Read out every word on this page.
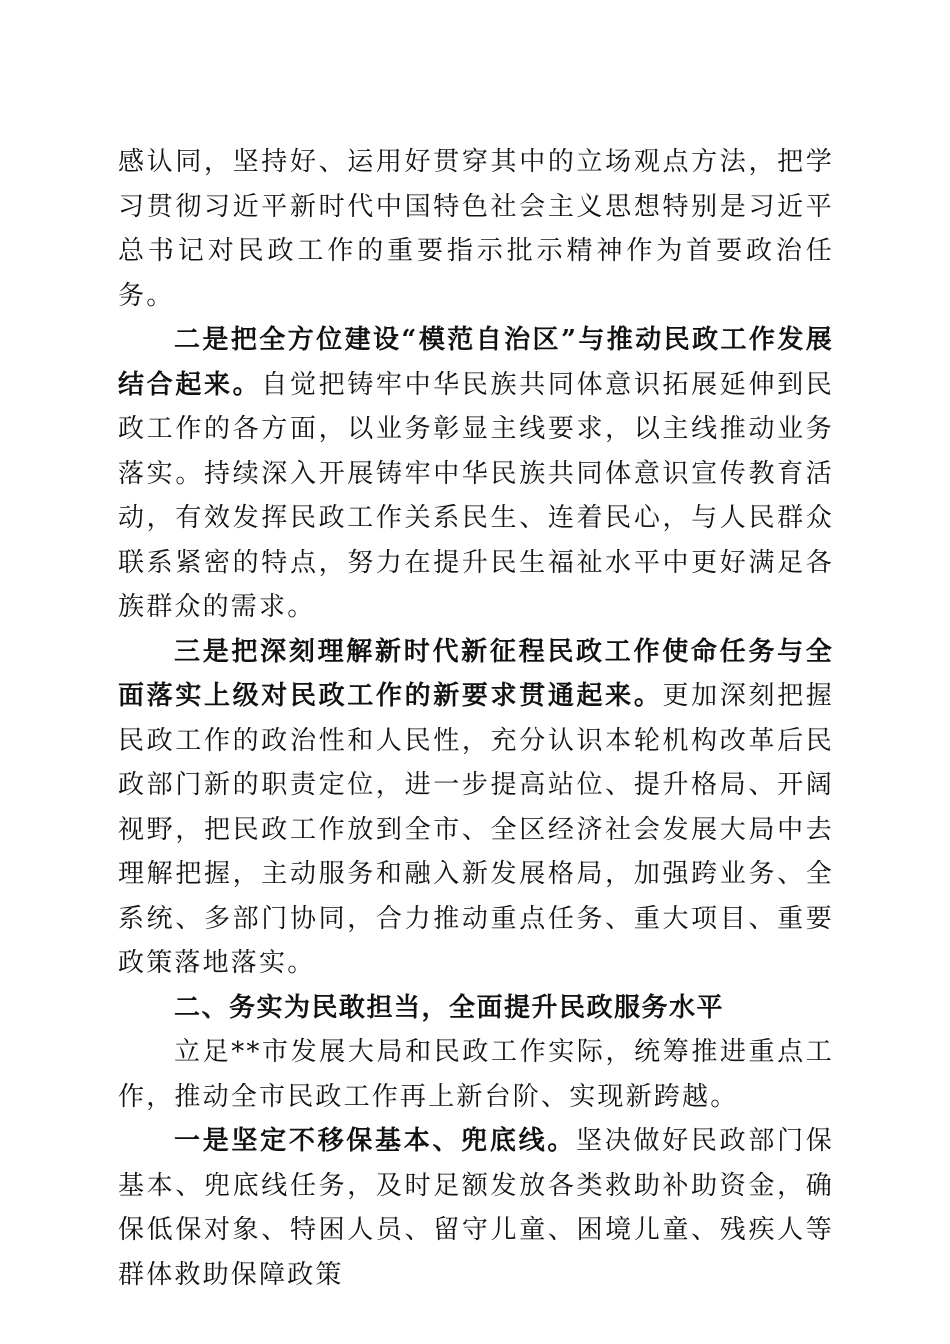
感认同，坚持好、运用好贯穿其中的立场观点方法，把学习贯彻习近平新时代中国特色社会主义思想特别是习近平总书记对民政工作的重要指示批示精神作为首要政治任务。

二是把全方位建设“模范自治区”与推动民政工作发展结合起来。自觉把铸牢中华民族共同体意识拓展延伸到民政工作的各方面，以业务彰显主线要求，以主线推动业务落实。持续深入开展铸牢中华民族共同体意识宣传教育活动，有效发挥民政工作关系民生、连着民心，与人民群众联系紧密的特点，努力在提升民生福祉水平中更好满足各族群众的需求。

三是把深刻理解新时代新征程民政工作使命任务与全面落实上级对民政工作的新要求贯通起来。更加深刻把握民政工作的政治性和人民性，充分认识本轮机构改革后民政部门新的职责定位，进一步提高站位、提升格局、开阔视野，把民政工作放到全市、全区经济社会发展大局中去理解把握，主动服务和融入新发展格局，加强跨业务、全系统、多部门协同，合力推动重点任务、重大项目、重要政策落地落实。

二、务实为民敢担当，全面提升民政服务水平

立足**市发展大局和民政工作实际，统筹推进重点工作，推动全市民政工作再上新台阶、实现新跨越。

一是坚定不移保基本、兜底线。坚决做好民政部门保基本、兜底线任务，及时足额发放各类救助补助资金，确保低保对象、特困人员、留守儿童、困境儿童、残疾人等群体救助保障政策
